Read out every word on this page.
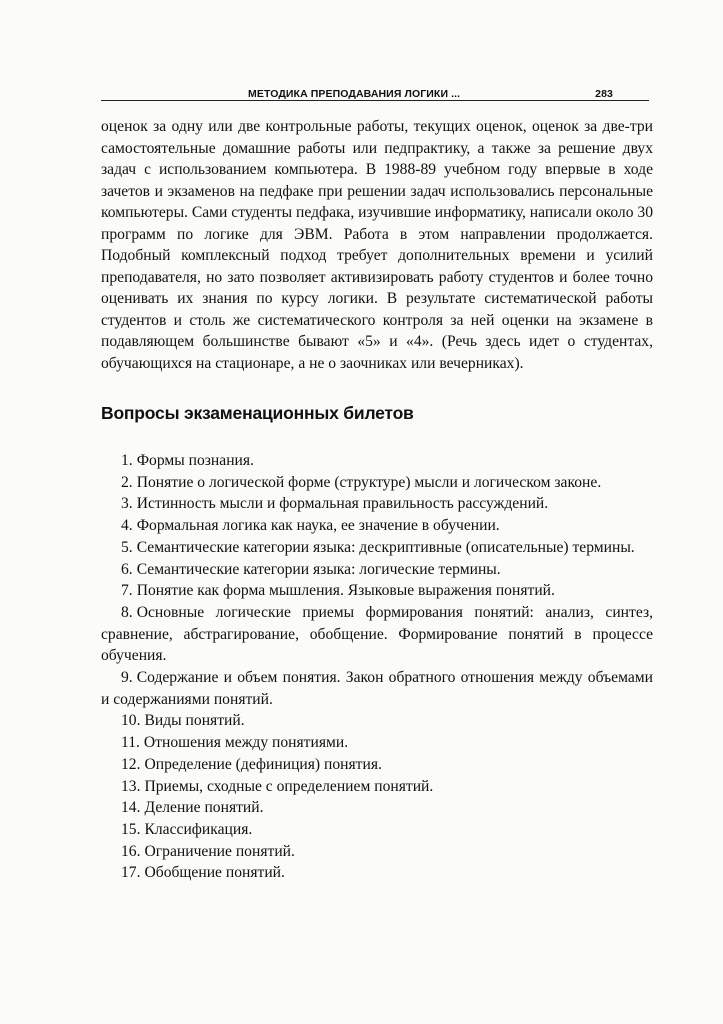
МЕТОДИКА ПРЕПОДАВАНИЯ ЛОГИКИ ...	283

оценок за одну или две контрольные работы, текущих оценок, оценок за две-три самостоятельные домашние работы или педпрактику, а также за решение двух задач с использованием компьютера. В 1988-89 учебном году впервые в ходе зачетов и экзаменов на педфаке при решении задач использовались персональные компьютеры. Сами студенты педфака, изучившие информатику, написали около 30 программ по логике для ЭВМ. Работа в этом направлении продолжается. Подобный комплексный подход требует дополнительных времени и усилий преподавателя, но зато позволяет активизировать работу студентов и более точно оценивать их знания по курсу логики. В результате систематической работы студентов и столь же систематического контроля за ней оценки на экзамене в подавляющем большинстве бывают «5» и «4». (Речь здесь идет о студентах, обучающихся на стационаре, а не о заочниках или вечерниках).

Вопросы экзаменационных билетов
1. Формы познания.
2. Понятие о логической форме (структуре) мысли и логическом законе.
3. Истинность мысли и формальная правильность рассуждений.
4. Формальная логика как наука, ее значение в обучении.
5. Семантические категории языка: дескриптивные (описательные) термины.
6. Семантические категории языка: логические термины.
7. Понятие как форма мышления. Языковые выражения понятий.
8. Основные логические приемы формирования понятий: анализ, синтез, сравнение, абстрагирование, обобщение. Формирование понятий в процессе обучения.
9. Содержание и объем понятия. Закон обратного отношения между объемами и содержаниями понятий.
10. Виды понятий.
11. Отношения между понятиями.
12. Определение (дефиниция) понятия.
13. Приемы, сходные с определением понятий.
14. Деление понятий.
15. Классификация.
16. Ограничение понятий.
17. Обобщение понятий.
